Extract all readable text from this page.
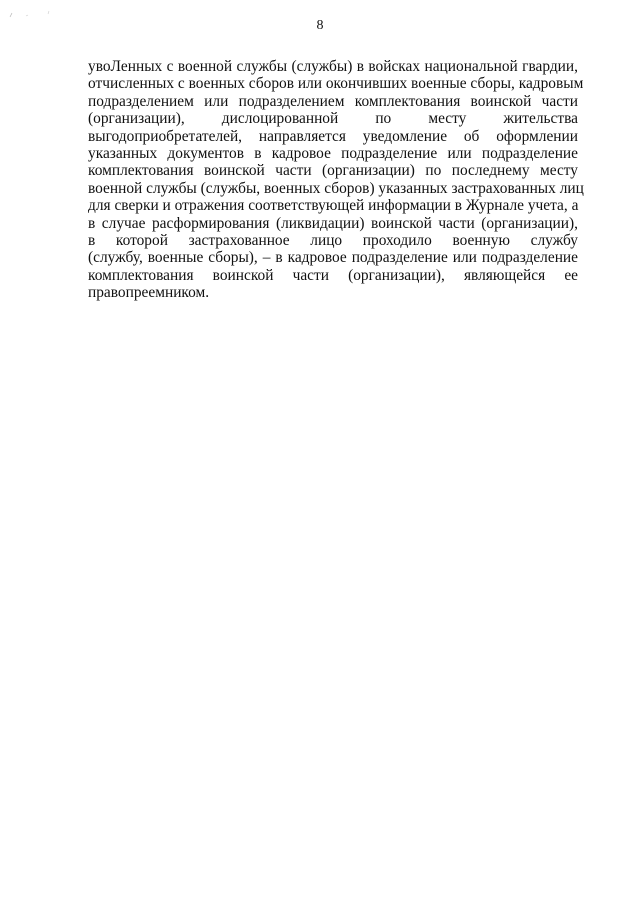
8
увоЛенных с военной службы (службы) в войсках национальной гвардии,
отчисленных с военных сборов или окончивших военные сборы, кадровым
подразделением или подразделением комплектования воинской части
(организации), дислоцированной по месту жительства
выгодоприобретателей, направляется уведомление об оформлении
указанных документов в кадровое подразделение или подразделение
комплектования воинской части (организации) по последнему месту
военной службы (службы, военных сборов) указанных застрахованных лиц
для сверки и отражения соответствующей информации в Журнале учета, а
в случае расформирования (ликвидации) воинской части (организации),
в которой застрахованное лицо проходило военную службу
(службу, военные сборы), – в кадровое подразделение или подразделение
комплектования воинской части (организации), являющейся ее
правопреемником.
